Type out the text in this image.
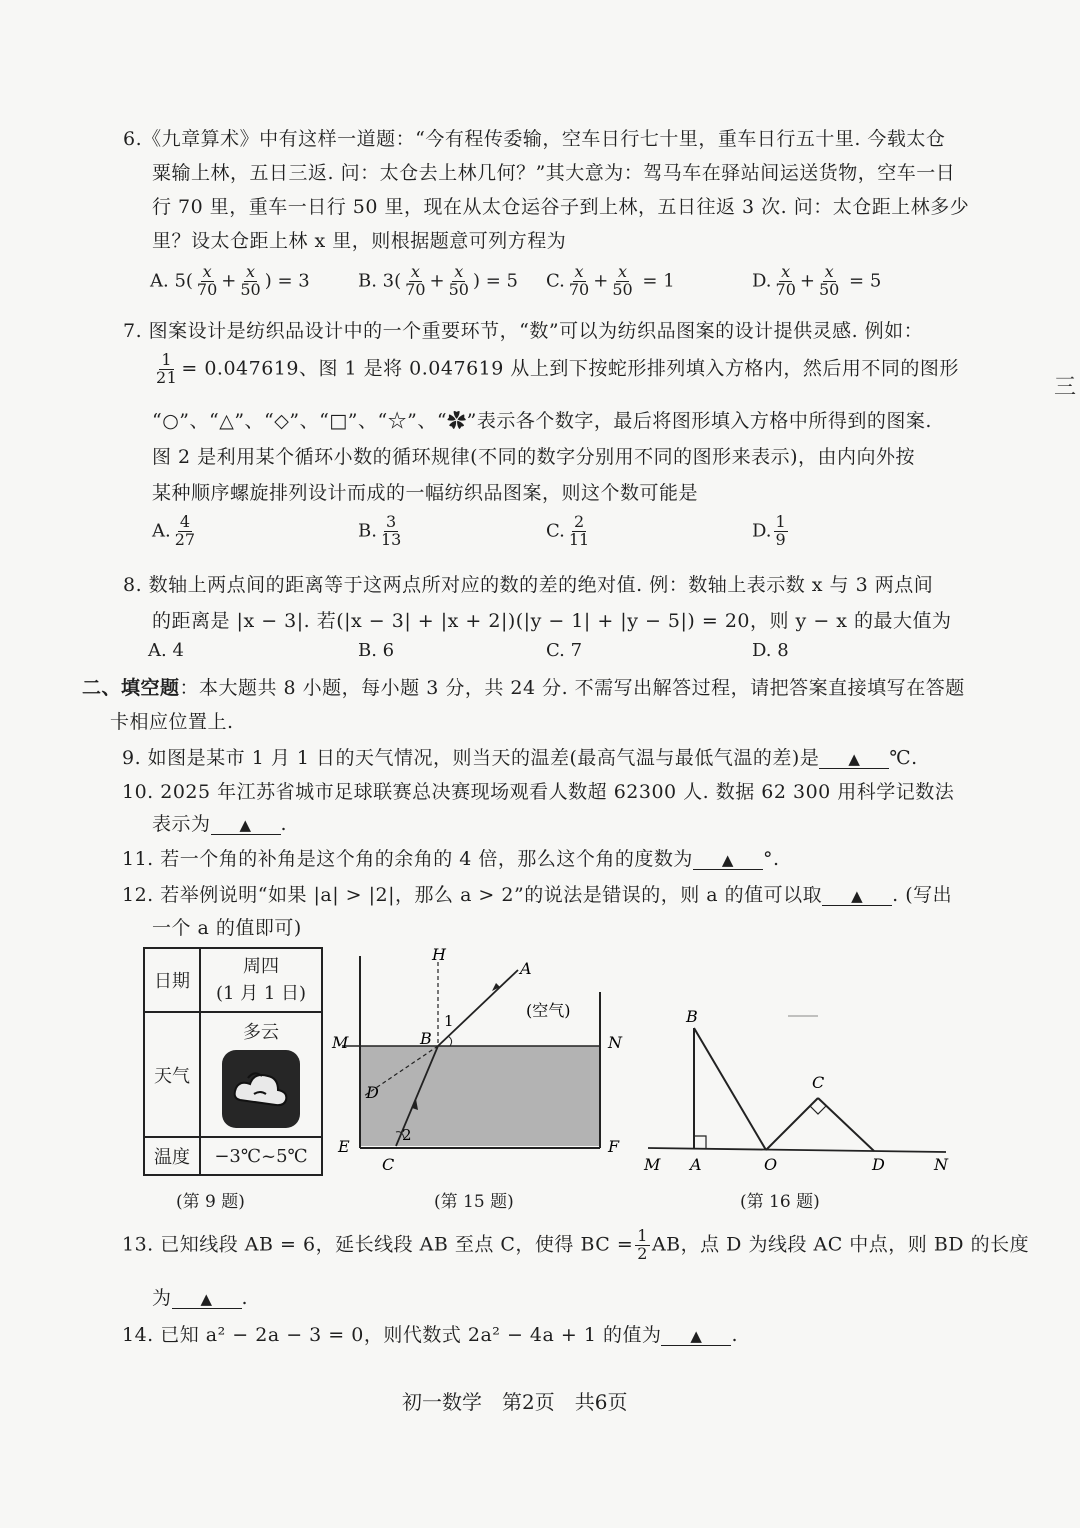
三
6.《九章算术》中有这样一道题：“今有程传委输，空车日行七十里，重车日行五十里. 今载太仓
粟输上林，五日三返. 问：太仓去上林几何？”其大意为：驾马车在驿站间运送货物，空车一日
行 70 里，重车一日行 50 里，现在从太仓运谷子到上林，五日往返 3 次. 问：太仓距上林多少
里？设太仓距上林 x 里，则根据题意可列方程为
A. $5( \frac{x}{70} + \frac{x}{50}$ ) = 3	B. $3( \frac{x}{70} + \frac{x}{50}$ ) = 5 C. $\frac{x}{70} + \frac{x}{50} = 1$	D. $\frac{x}{70} + \frac{x}{50} = 5$
7. 图案设计是纺织品设计中的一个重要环节，“数”可以为纺织品图案的设计提供灵感. 例如：
$\frac{1}{21} = 0.047619$、图 1 是将 0.047619 从上到下按蛇形排列填入方格内，然后用不同的图形
“○”、“△”、“◇”、“□”、“☆”、“✿”表示各个数字，最后将图形填入方格中所得到的图案.
图 2 是利用某个循环小数的循环规律(不同的数字分别用不同的图形来表示)，由内向外按
某种顺序螺旋排列设计而成的一幅纺织品图案，则这个数可能是
A. $\frac{4}{27}$	B. $\frac{3}{13}$	C. $\frac{2}{11}$	D. $\frac{1}{9}$
8. 数轴上两点间的距离等于这两点所对应的数的差的绝对值. 例：数轴上表示数 x 与 3 两点间
的距离是 |x − 3|. 若(|x − 3| + |x + 2|)(|y − 1| + |y − 5|) = 20，则 y − x 的最大值为
A. 4	B. 6	C. 7	D. 8
二、填空题：本大题共 8 小题，每小题 3 分，共 24 分. 不需写出解答过程，请把答案直接填写在答题
卡相应位置上.
9. 如图是某市 1 月 1 日的天气情况，则当天的温差(最高气温与最低气温的差)是 ▲ ℃.
10. 2025 年江苏省城市足球联赛总决赛现场观看人数超 62300 人. 数据 62 300 用科学记数法
表示为 ▲ .
11. 若一个角的补角是这个角的余角的 4 倍，那么这个角的度数为 ▲ °.
12. 若举例说明“如果 |a| > |2|，那么 a > 2”的说法是错误的，则 a 的值可以取 ▲ . (写出
一个 a 的值即可)
日期	周四
(1 月 1 日)

天气	多云

温度	−3℃~5℃
H
A
B
M	N
D
E	F
C
1
2
(空气)	B
C
M A	O	D	N
(第 9 题)	(第 15 题)	(第 16 题)
13. 已知线段 AB = 6，延长线段 AB 至点 C，使得 BC = $\frac{1}{2}$ AB，点 D 为线段 AC 中点，则 BD 的长度
为 ▲ .
14. 已知 a² − 2a − 3 = 0，则代数式 2a² − 4a + 1 的值为 ▲ .
初一数学　第2页　共6页
